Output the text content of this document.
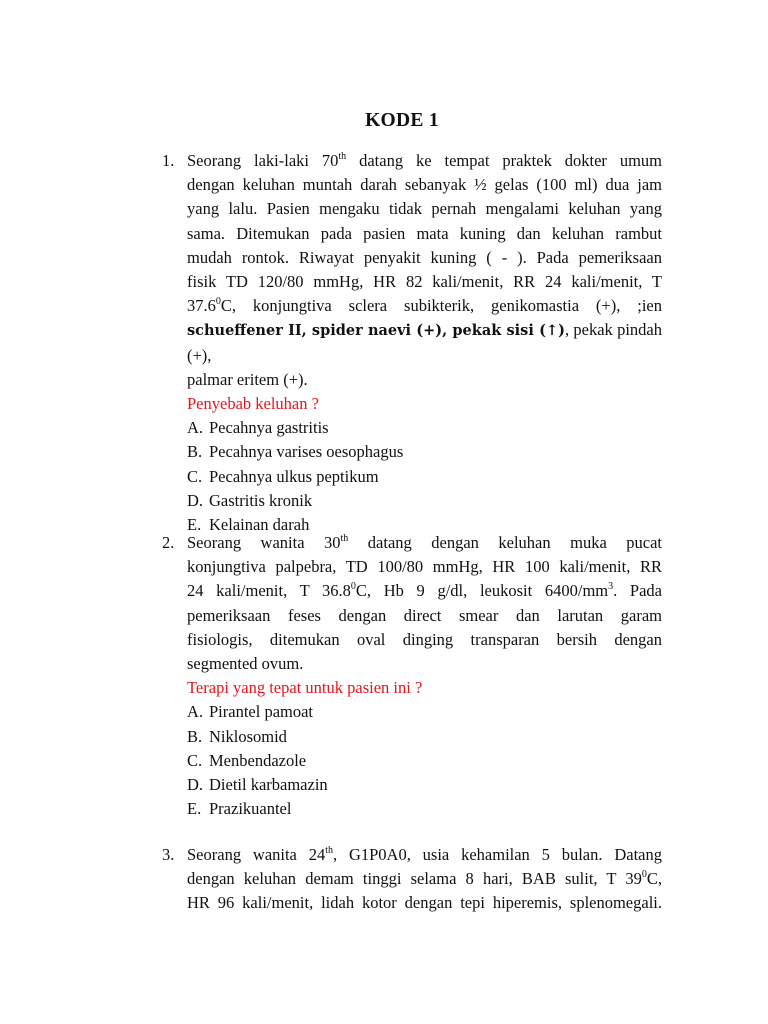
KODE 1
1. Seorang laki-laki 70th datang ke tempat praktek dokter umum
dengan keluhan muntah darah sebanyak ½ gelas (100 ml) dua jam
yang lalu. Pasien mengaku tidak pernah mengalami keluhan yang
sama. Ditemukan pada pasien mata kuning dan keluhan rambut
mudah rontok. Riwayat penyakit kuning ( - ). Pada pemeriksaan
fisik TD 120/80 mmHg, HR 82 kali/menit, RR 24 kali/menit, T
37.6$^0$C, konjungtiva sclera subikterik, genikomastia (+), ;ien
schueffener II, spider naevi (+), pekak sisi (↑), pekak pindah (+),
palmar eritem (+).
Penyebab keluhan ?
A. Pecahnya gastritis
B. Pecahnya varises oesophagus
C. Pecahnya ulkus peptikum
D. Gastritis kronik
E. Kelainan darah
2. Seorang wanita 30th datang dengan keluhan muka pucat
konjungtiva palpebra, TD 100/80 mmHg, HR 100 kali/menit, RR
24 kali/menit, T 36.8$^0$C, Hb 9 g/dl, leukosit $6400/mm^3$. Pada
pemeriksaan feses dengan direct smear dan larutan garam
fisiologis, ditemukan oval dinging transparan bersih dengan
segmented ovum.
Terapi yang tepat untuk pasien ini ?
A. Pirantel pamoat
B. Niklosomid
C. Menbendazole
D. Dietil karbamazin
E. Prazikuantel
3. Seorang wanita 24th, G1P0A0, usia kehamilan 5 bulan. Datang
dengan keluhan demam tinggi selama 8 hari, BAB sulit, T $39^0C$,
HR 96 kali/menit, lidah kotor dengan tepi hiperemis, splenomegali.
